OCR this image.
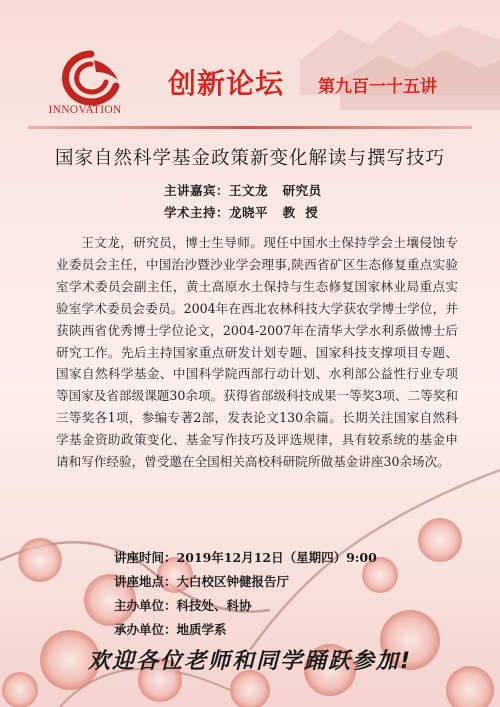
INNOVATION
创新论坛 第九百一十五讲
国家自然科学基金政策新变化解读与撰写技巧
主讲嘉宾：王文龙 研究员
学术主持：龙晓平 教  授
王文龙，研究员，博士生导师。现任中国水土保持学会土壤侵蚀专业委员会主任，中国治沙暨沙业学会理事,陕西省矿区生态修复重点实验室学术委员会副主任，黄土高原水土保持与生态修复国家林业局重点实验室学术委员会委员。2004年在西北农林科技大学获农学博士学位，并获陕西省优秀博士学位论文，2004-2007年在清华大学水利系做博士后研究工作。先后主持国家重点研发计划专题、国家科技支撑项目专题、国家自然科学基金、中国科学院西部行动计划、水利部公益性行业专项等国家及省部级课题30余项。获得省部级科技成果一等奖3项、二等奖和三等奖各1项，参编专著2部，发表论文130余篇。长期关注国家自然科学基金资助政策变化、基金写作技巧及评选规律，具有较系统的基金申请和写作经验，曾受邀在全国相关高校科研院所做基金讲座30余场次。
讲座时间：2019年12月12日（星期四）9:00
讲座地点：大白校区钟健报告厅
主办单位：科技处、科协
承办单位：地质学系
欢迎各位老师和同学踊跃参加!
